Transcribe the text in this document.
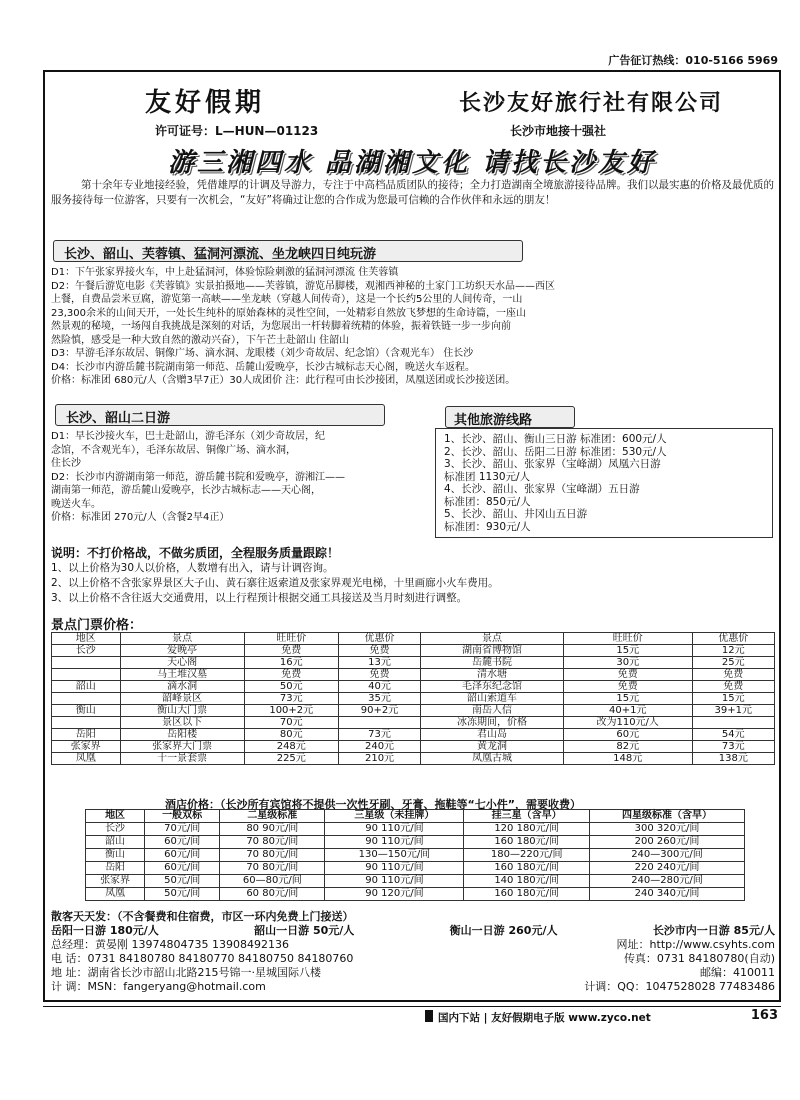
广告征订热线：010-5166 5969
友好假期	长沙友好旅行社有限公司
许可证号：L—HUN—01123	长沙市地接十强社
游三湘四水 品湖湘文化 请找长沙友好
第十余年专业地接经验，凭借雄厚的计调及导游力，专注于中高档品质团队的接待；全力打造湖南全境旅游接待品牌。我们以最实惠的价格及最优质的服务接待每一位游客，只要有一次机会，“友好”将确过让您的合作成为您最可信赖的合作伙伴和永远的朋友！
长沙、韶山、芙蓉镇、猛洞河漂流、坐龙峡四日纯玩游
D1：下午张家界接火车，中上赴猛洞河，体验惊险刺激的猛洞河漂流 住芙蓉镇
D2：午餐后游览电影《芙蓉镇》实景拍摄地——芙蓉镇，游览吊脚楼，观湘西神秘的土家门工坊织天水品——西区
上餐，自费品尝米豆腐，游览第一高峡——坐龙峡（穿越人间传奇），这是一个长约5公里的人间传奇，一山
23,300余米的山间天开，一处长生纯朴的原始森林的灵性空间，一处精彩自然放飞梦想的生命诗篇，一座山
然景观的秘境，一场闯自我挑战是深刻的对话，为您展出一杆转脚着统精的体验，振着铁链一步一步向前
然险慎，感受是一种大致自然的激动兴奋），下午芒土赴韶山 住韶山
D3：早游毛泽东故居、铜像广场、滴水洞、龙眼楼（刘少奇故居、纪念馆）（含观光车） 住长沙
D4：长沙市内游岳麓书院湖南第一师范、岳麓山爱晚亭，长沙古城标志天心阁，晚送火车返程。
价格：标准团 680元/人（含赠3早7正）30人成团价 注：此行程可由长沙接团，凤凰送团或长沙接送团。
长沙、韶山二日游
D1：早长沙接火车，巴士赴韶山，游毛泽东（刘少奇故居，纪
念馆，不含观光车），毛泽东故居、铜像广场、滴水洞，
住长沙
D2：长沙市内游湖南第一师范，游岳麓书院和爱晚亭，游湘江——
湖南第一师范，游岳麓山爱晚亭，长沙古城标志——天心阁，
晚送火车。
价格：标准团 270元/人（含餐2早4正）
其他旅游线路
1、长沙、韶山、衡山三日游 标准团：600元/人
2、长沙、韶山、岳阳二日游 标准团：530元/人
3、长沙、韶山、张家界（宝峰湖）凤凰六日游
标准团 1130元/人
4、长沙、韶山、张家界（宝峰湖）五日游
标准团：850元/人
5、长沙、韶山、井冈山五日游
标准团：930元/人
说明：不打价格战，不做劣质团，全程服务质量跟踪！
1、以上价格为30人以价格，人数增有出入，请与计调咨询。
2、以上价格不含张家界景区大子山、黄石寨往返索道及张家界观光电梯，十里画廊小火车费用。
3、以上价格不含往返大交通费用，以上行程预计根据交通工具接送及当月时刻进行调整。
景点门票价格：
地区	景点	旺旺价	优惠价	景点	旺旺价	优惠价
长沙	爱晚亭	免费	免费	湖南省博物馆	15元	12元
	天心阁	16元	13元	岳麓书院	30元	25元
	马王堆汉墓	免费	免费	清水塘	免费	免费
韶山	滴水洞	50元	40元	毛泽东纪念馆	免费	免费
	韶峰景区	73元	35元	韶山索道车	15元	15元
衡山	衡山大门票	100+2元	90+2元	南岳人信	40+1元	39+1元
	景区以下	70元		冰冻期间，价格	改为110元/人	
岳阳	岳阳楼	80元	73元	君山岛	60元	54元
张家界	张家界大门票	248元	240元	黄龙洞	82元	73元
凤凰	十一景套票	225元	210元	凤凰古城	148元	138元
酒店价格：（长沙所有宾馆将不提供一次性牙刷、牙膏、拖鞋等“七小件”，需要收费）
地区	一般双标	二星级标准	三星级（未挂牌）	挂三星（含早）	四星级标准（含早）
长沙	70元/间	80 90元/间	90 110元/间	120 180元/间	300 320元/间
韶山	60元/间	70 80元/间	90 110元/间	160 180元/间	200 260元/间
衡山	60元/间	70 80元/间	130—150元/间	180—220元/间	240—300元/间
岳阳	60元/间	70 80元/间	90 110元/间	160 180元/间	220 240元/间
张家界	50元/间	60—80元/间	90 110元/间	140 180元/间	240—280元/间
凤凰	50元/间	60 80元/间	90 120元/间	160 180元/间	240 340元/间
散客天天发：（不含餐费和住宿费，市区一环内免费上门接送）
岳阳一日游 180元/人	韶山一日游 50元/人	衡山一日游 260元/人	长沙市内一日游 85元/人
总经理：黄晏刚 13974804735 13908492136	网址：http://www.csyhts.com
电 话：0731 84180780 84180770 84180750 84180760	传真：0731 84180780(自动)
地 址：湖南省长沙市韶山北路215号锦一·星城国际八楼	邮编：410011
计 调：MSN：fangeryang@hotmail.com	计调：QQ：1047528028 77483486
国内下站 | 友好假期电子版 www.zyco.net	163
